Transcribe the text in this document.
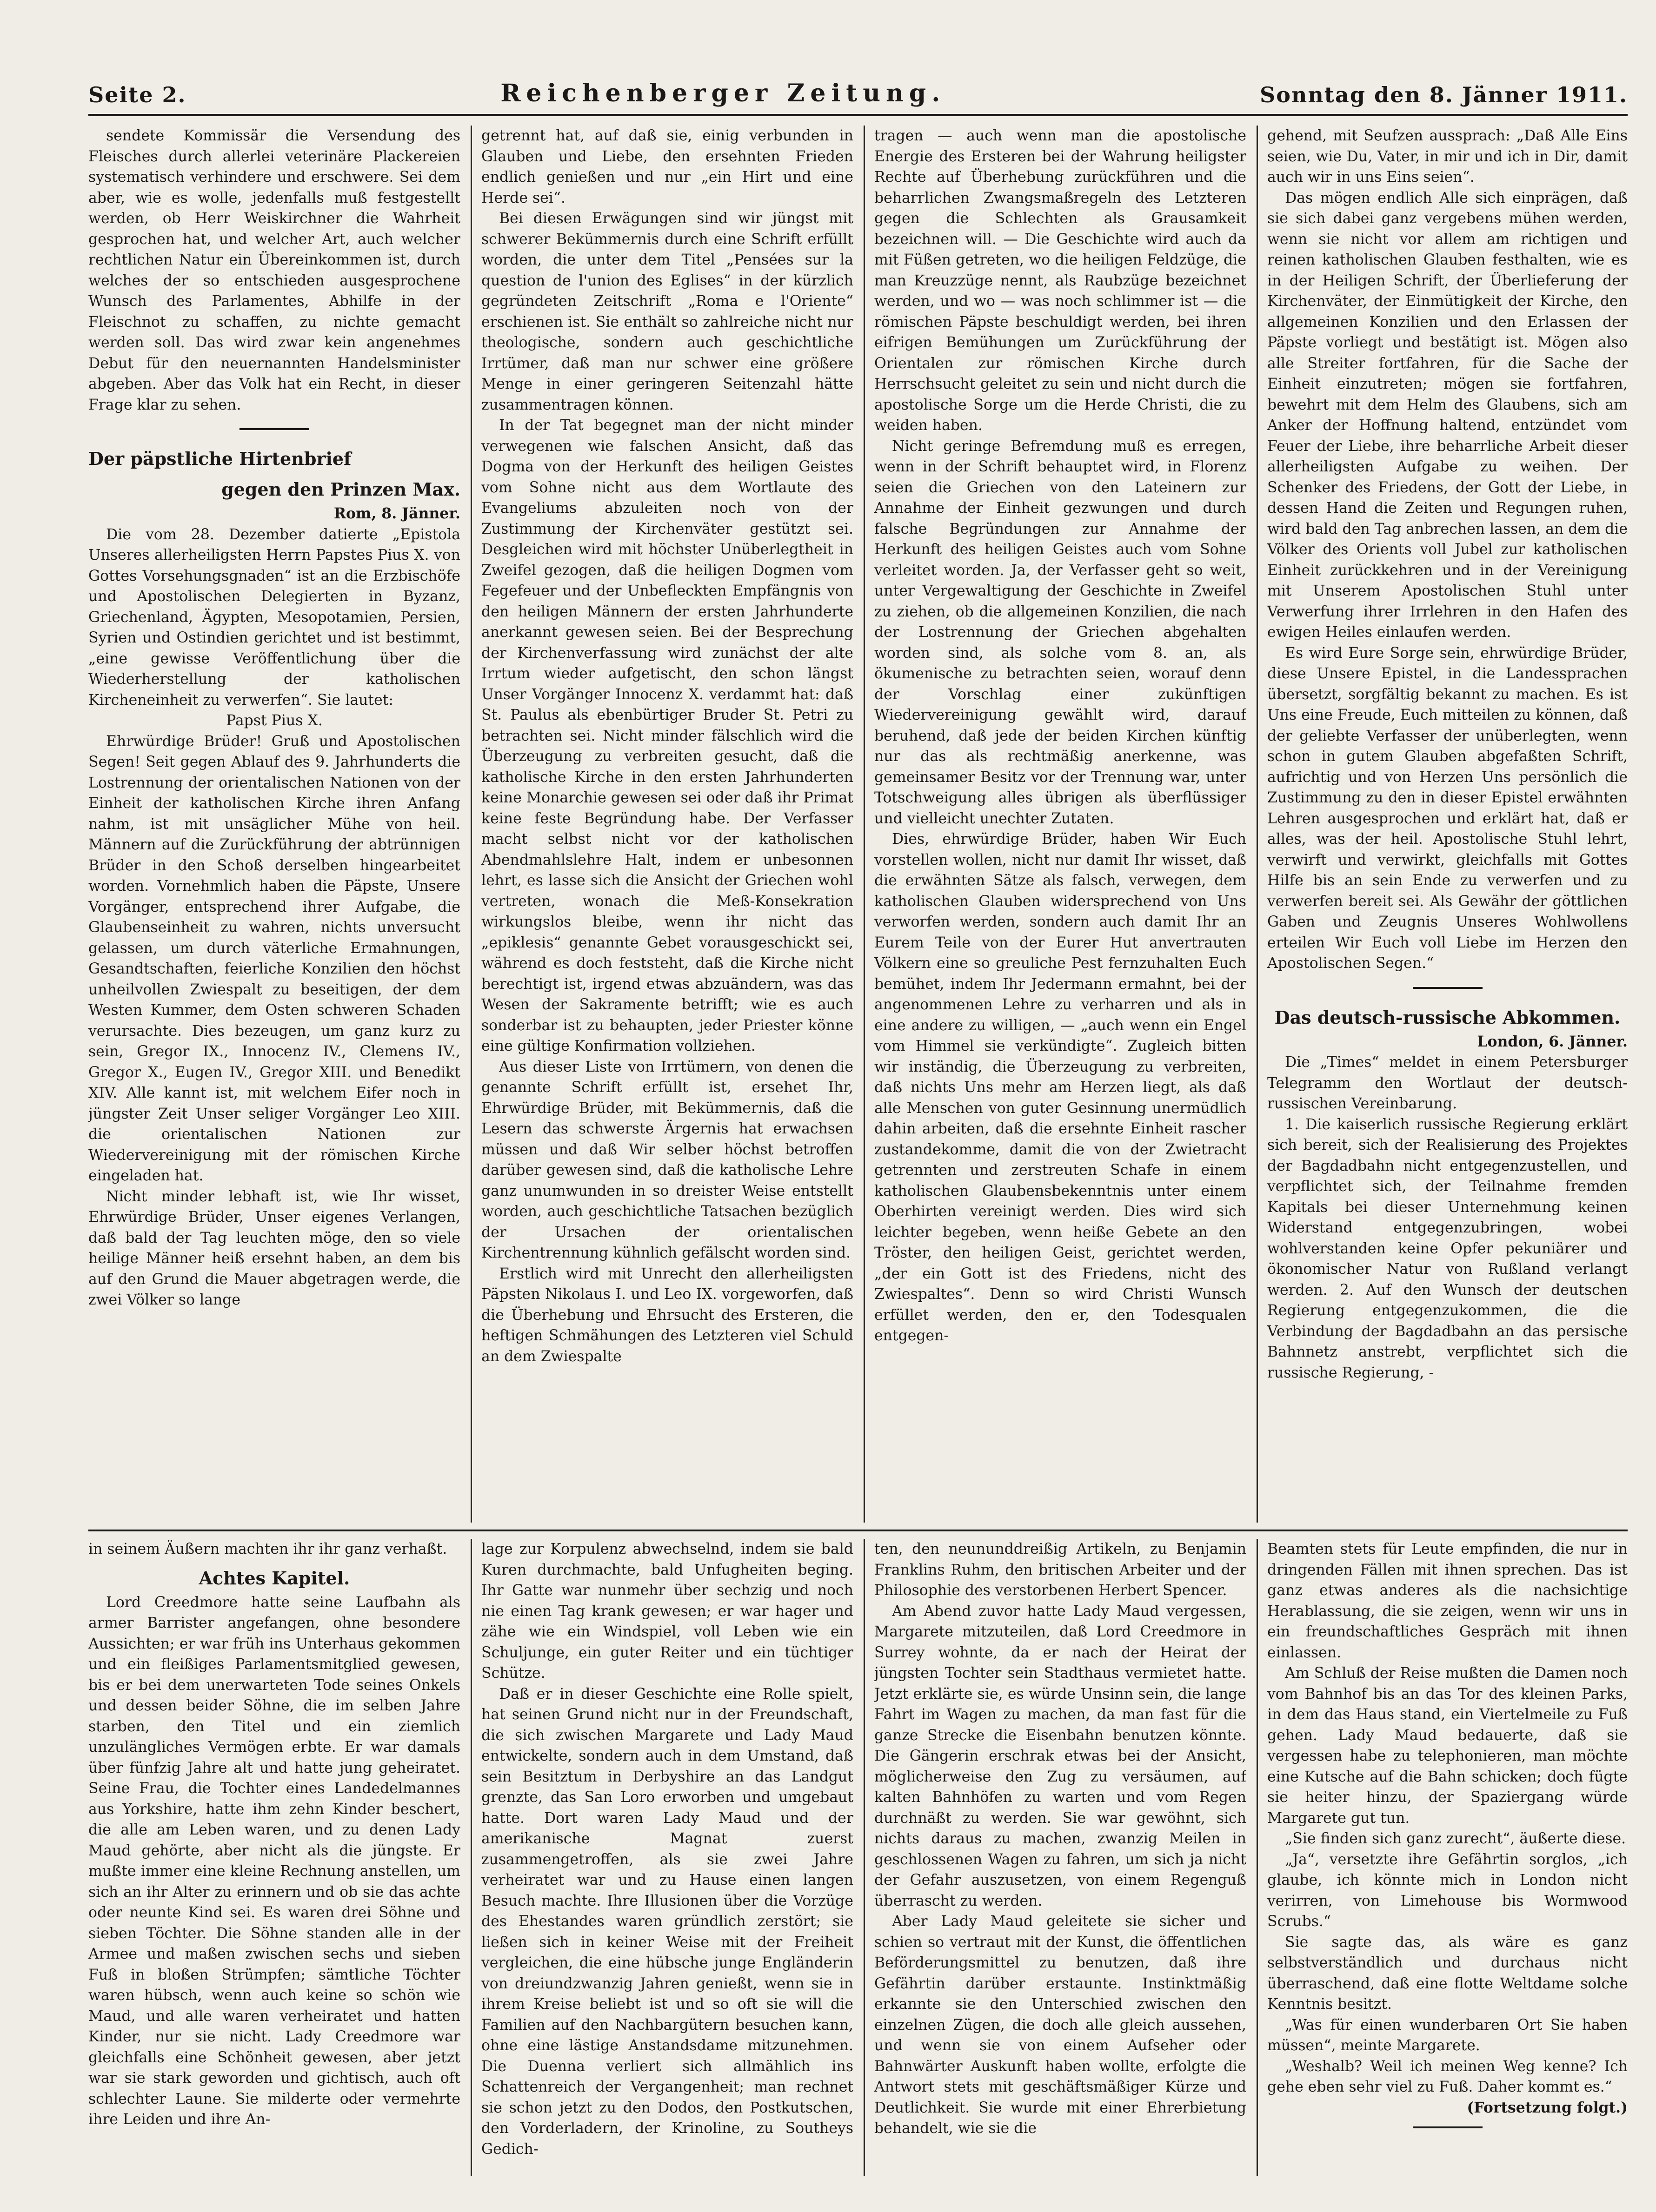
Seite 2.	Reichenberger Zeitung.	Sonntag den 8. Jänner 1911.

sendete Kommissär die Versendung des Fleisches durch allerlei veterinäre Plackereien systematisch verhindere und erschwere. Sei dem aber, wie es wolle, jedenfalls muß festgestellt werden, ob Herr Weiskirchner die Wahrheit gesprochen hat, und welcher Art, auch welcher rechtlichen Natur ein Übereinkommen ist, durch welches der so entschieden ausgesprochene Wunsch des Parlamentes, Abhilfe in der Fleischnot zu schaffen, zu nichte gemacht werden soll. Das wird zwar kein angenehmes Debut für den neuernannten Handelsminister abgeben. Aber das Volk hat ein Recht, in dieser Frage klar zu sehen.

Der päpstliche Hirtenbrief
gegen den Prinzen Max.
Rom, 8. Jänner.

Die vom 28. Dezember datierte „Epistola Unseres allerheiligsten Herrn Papstes Pius X. von Gottes Vorsehungsgnaden“ ist an die Erzbischöfe und Apostolischen Delegierten in Byzanz, Griechenland, Ägypten, Mesopotamien, Persien, Syrien und Ostindien gerichtet und ist bestimmt, „eine gewisse Veröffentlichung über die Wiederherstellung der katholischen Kircheneinheit zu verwerfen“. Sie lautet:

Papst Pius X.

Ehrwürdige Brüder! Gruß und Apostolischen Segen! Seit gegen Ablauf des 9. Jahrhunderts die Lostrennung der orientalischen Nationen von der Einheit der katholischen Kirche ihren Anfang nahm, ist mit unsäglicher Mühe von heil. Männern auf die Zurückführung der abtrünnigen Brüder in den Schoß derselben hingearbeitet worden. Vornehmlich haben die Päpste, Unsere Vorgänger, entsprechend ihrer Aufgabe, die Glaubenseinheit zu wahren, nichts unversucht gelassen, um durch väterliche Ermahnungen, Gesandtschaften, feierliche Konzilien den höchst unheilvollen Zwiespalt zu beseitigen, der dem Westen Kummer, dem Osten schweren Schaden verursachte. Dies bezeugen, um ganz kurz zu sein, Gregor IX., Innocenz IV., Clemens IV., Gregor X., Eugen IV., Gregor XIII. und Benedikt XIV. Alle kannt ist, mit welchem Eifer noch in jüngster Zeit Unser seliger Vorgänger Leo XIII. die orientalischen Nationen zur Wiedervereinigung mit der römischen Kirche eingeladen hat.

Nicht minder lebhaft ist, wie Ihr wisset, Ehrwürdige Brüder, Unser eigenes Verlangen, daß bald der Tag leuchten möge, den so viele heilige Männer heiß ersehnt haben, an dem bis auf den Grund die Mauer abgetragen werde, die zwei Völker so lange

getrennt hat, auf daß sie, einig verbunden in Glauben und Liebe, den ersehnten Frieden endlich genießen und nur „ein Hirt und eine Herde sei“.

Bei diesen Erwägungen sind wir jüngst mit schwerer Bekümmernis durch eine Schrift erfüllt worden, die unter dem Titel „Pensées sur la question de l'union des Eglises“ in der kürzlich gegründeten Zeitschrift „Roma e l'Oriente“ erschienen ist. Sie enthält so zahlreiche nicht nur theologische, sondern auch geschichtliche Irrtümer, daß man nur schwer eine größere Menge in einer geringeren Seitenzahl hätte zusammentragen können.

In der Tat begegnet man der nicht minder verwegenen wie falschen Ansicht, daß das Dogma von der Herkunft des heiligen Geistes vom Sohne nicht aus dem Wortlaute des Evangeliums abzuleiten noch von der Zustimmung der Kirchenväter gestützt sei. Desgleichen wird mit höchster Unüberlegtheit in Zweifel gezogen, daß die heiligen Dogmen vom Fegefeuer und der Unbefleckten Empfängnis von den heiligen Männern der ersten Jahrhunderte anerkannt gewesen seien. Bei der Besprechung der Kirchenverfassung wird zunächst der alte Irrtum wieder aufgetischt, den schon längst Unser Vorgänger Innocenz X. verdammt hat: daß St. Paulus als ebenbürtiger Bruder St. Petri zu betrachten sei. Nicht minder fälschlich wird die Überzeugung zu verbreiten gesucht, daß die katholische Kirche in den ersten Jahrhunderten keine Monarchie gewesen sei oder daß ihr Primat keine feste Begründung habe. Der Verfasser macht selbst nicht vor der katholischen Abendmahlslehre Halt, indem er unbesonnen lehrt, es lasse sich die Ansicht der Griechen wohl vertreten, wonach die Meß-Konsekration wirkungslos bleibe, wenn ihr nicht das „epiklesis“ genannte Gebet vorausgeschickt sei, während es doch feststeht, daß die Kirche nicht berechtigt ist, irgend etwas abzuändern, was das Wesen der Sakramente betrifft; wie es auch sonderbar ist zu behaupten, jeder Priester könne eine gültige Konfirmation vollziehen.

Aus dieser Liste von Irrtümern, von denen die genannte Schrift erfüllt ist, ersehet Ihr, Ehrwürdige Brüder, mit Bekümmernis, daß die Lesern das schwerste Ärgernis hat erwachsen müssen und daß Wir selber höchst betroffen darüber gewesen sind, daß die katholische Lehre ganz unumwunden in so dreister Weise entstellt worden, auch geschichtliche Tatsachen bezüglich der Ursachen der orientalischen Kirchentrennung kühnlich gefälscht worden sind.

Erstlich wird mit Unrecht den allerheiligsten Päpsten Nikolaus I. und Leo IX. vorgeworfen, daß die Überhebung und Ehrsucht des Ersteren, die heftigen Schmähungen des Letzteren viel Schuld an dem Zwiespalte

tragen — auch wenn man die apostolische Energie des Ersteren bei der Wahrung heiligster Rechte auf Überhebung zurückführen und die beharrlichen Zwangsmaßregeln des Letzteren gegen die Schlechten als Grausamkeit bezeichnen will. — Die Geschichte wird auch da mit Füßen getreten, wo die heiligen Feldzüge, die man Kreuzzüge nennt, als Raubzüge bezeichnet werden, und wo — was noch schlimmer ist — die römischen Päpste beschuldigt werden, bei ihren eifrigen Bemühungen um Zurückführung der Orientalen zur römischen Kirche durch Herrschsucht geleitet zu sein und nicht durch die apostolische Sorge um die Herde Christi, die zu weiden haben.

Nicht geringe Befremdung muß es erregen, wenn in der Schrift behauptet wird, in Florenz seien die Griechen von den Lateinern zur Annahme der Einheit gezwungen und durch falsche Begründungen zur Annahme der Herkunft des heiligen Geistes auch vom Sohne verleitet worden. Ja, der Verfasser geht so weit, unter Vergewaltigung der Geschichte in Zweifel zu ziehen, ob die allgemeinen Konzilien, die nach der Lostrennung der Griechen abgehalten worden sind, als solche vom 8. an, als ökumenische zu betrachten seien, worauf denn der Vorschlag einer zukünftigen Wiedervereinigung gewählt wird, darauf beruhend, daß jede der beiden Kirchen künftig nur das als rechtmäßig anerkenne, was gemeinsamer Besitz vor der Trennung war, unter Totschweigung alles übrigen als überflüssiger und vielleicht unechter Zutaten.

Dies, ehrwürdige Brüder, haben Wir Euch vorstellen wollen, nicht nur damit Ihr wisset, daß die erwähnten Sätze als falsch, verwegen, dem katholischen Glauben widersprechend von Uns verworfen werden, sondern auch damit Ihr an Eurem Teile von der Eurer Hut anvertrauten Völkern eine so greuliche Pest fernzuhalten Euch bemühet, indem Ihr Jedermann ermahnt, bei der angenommenen Lehre zu verharren und als in eine andere zu willigen, — „auch wenn ein Engel vom Himmel sie verkündigte“. Zugleich bitten wir inständig, die Überzeugung zu verbreiten, daß nichts Uns mehr am Herzen liegt, als daß alle Menschen von guter Gesinnung unermüdlich dahin arbeiten, daß die ersehnte Einheit rascher zustandekomme, damit die von der Zwietracht getrennten und zerstreuten Schafe in einem katholischen Glaubensbekenntnis unter einem Oberhirten vereinigt werden. Dies wird sich leichter begeben, wenn heiße Gebete an den Tröster, den heiligen Geist, gerichtet werden, „der ein Gott ist des Friedens, nicht des Zwiespaltes“. Denn so wird Christi Wunsch erfüllet werden, den er, den Todesqualen entgegen-

gehend, mit Seufzen aussprach: „Daß Alle Eins seien, wie Du, Vater, in mir und ich in Dir, damit auch wir in uns Eins seien“.

Das mögen endlich Alle sich einprägen, daß sie sich dabei ganz vergebens mühen werden, wenn sie nicht vor allem am richtigen und reinen katholischen Glauben festhalten, wie es in der Heiligen Schrift, der Überlieferung der Kirchenväter, der Einmütigkeit der Kirche, den allgemeinen Konzilien und den Erlassen der Päpste vorliegt und bestätigt ist. Mögen also alle Streiter fortfahren, für die Sache der Einheit einzutreten; mögen sie fortfahren, bewehrt mit dem Helm des Glaubens, sich am Anker der Hoffnung haltend, entzündet vom Feuer der Liebe, ihre beharrliche Arbeit dieser allerheiligsten Aufgabe zu weihen. Der Schenker des Friedens, der Gott der Liebe, in dessen Hand die Zeiten und Regungen ruhen, wird bald den Tag anbrechen lassen, an dem die Völker des Orients voll Jubel zur katholischen Einheit zurückkehren und in der Vereinigung mit Unserem Apostolischen Stuhl unter Verwerfung ihrer Irrlehren in den Hafen des ewigen Heiles einlaufen werden.

Es wird Eure Sorge sein, ehrwürdige Brüder, diese Unsere Epistel, in die Landessprachen übersetzt, sorgfältig bekannt zu machen. Es ist Uns eine Freude, Euch mitteilen zu können, daß der geliebte Verfasser der unüberlegten, wenn schon in gutem Glauben abgefaßten Schrift, aufrichtig und von Herzen Uns persönlich die Zustimmung zu den in dieser Epistel erwähnten Lehren ausgesprochen und erklärt hat, daß er alles, was der heil. Apostolische Stuhl lehrt, verwirft und verwirkt, gleichfalls mit Gottes Hilfe bis an sein Ende zu verwerfen und zu verwerfen bereit sei. Als Gewähr der göttlichen Gaben und Zeugnis Unseres Wohlwollens erteilen Wir Euch voll Liebe im Herzen den Apostolischen Segen.“

Das deutsch-russische Abkommen.
London, 6. Jänner.

Die „Times“ meldet in einem Petersburger Telegramm den Wortlaut der deutsch-russischen Vereinbarung.

1. Die kaiserlich russische Regierung erklärt sich bereit, sich der Realisierung des Projektes der Bagdadbahn nicht entgegenzustellen, und verpflichtet sich, der Teilnahme fremden Kapitals bei dieser Unternehmung keinen Widerstand entgegenzubringen, wobei wohlverstanden keine Opfer pekuniärer und ökonomischer Natur von Rußland verlangt werden. 2. Auf den Wunsch der deutschen Regierung entgegenzukommen, die die Verbindung der Bagdadbahn an das persische Bahnnetz anstrebt, verpflichtet sich die russische Regierung, -

in seinem Äußern machten ihr ihr ganz verhaßt.

Achtes Kapitel.

Lord Creedmore hatte seine Laufbahn als armer Barrister angefangen, ohne besondere Aussichten; er war früh ins Unterhaus gekommen und ein fleißiges Parlamentsmitglied gewesen, bis er bei dem unerwarteten Tode seines Onkels und dessen beider Söhne, die im selben Jahre starben, den Titel und ein ziemlich unzulängliches Vermögen erbte. Er war damals über fünfzig Jahre alt und hatte jung geheiratet. Seine Frau, die Tochter eines Landedelmannes aus Yorkshire, hatte ihm zehn Kinder beschert, die alle am Leben waren, und zu denen Lady Maud gehörte, aber nicht als die jüngste. Er mußte immer eine kleine Rechnung anstellen, um sich an ihr Alter zu erinnern und ob sie das achte oder neunte Kind sei. Es waren drei Söhne und sieben Töchter. Die Söhne standen alle in der Armee und maßen zwischen sechs und sieben Fuß in bloßen Strümpfen; sämtliche Töchter waren hübsch, wenn auch keine so schön wie Maud, und alle waren verheiratet und hatten Kinder, nur sie nicht. Lady Creedmore war gleichfalls eine Schönheit gewesen, aber jetzt war sie stark geworden und gichtisch, auch oft schlechter Laune. Sie milderte oder vermehrte ihre Leiden und ihre An-

lage zur Korpulenz abwechselnd, indem sie bald Kuren durchmachte, bald Unfugheiten beging. Ihr Gatte war nunmehr über sechzig und noch nie einen Tag krank gewesen; er war hager und zähe wie ein Windspiel, voll Leben wie ein Schuljunge, ein guter Reiter und ein tüchtiger Schütze.

Daß er in dieser Geschichte eine Rolle spielt, hat seinen Grund nicht nur in der Freundschaft, die sich zwischen Margarete und Lady Maud entwickelte, sondern auch in dem Umstand, daß sein Besitztum in Derbyshire an das Landgut grenzte, das San Loro erworben und umgebaut hatte. Dort waren Lady Maud und der amerikanische Magnat zuerst zusammengetroffen, als sie zwei Jahre verheiratet war und zu Hause einen langen Besuch machte. Ihre Illusionen über die Vorzüge des Ehestandes waren gründlich zerstört; sie ließen sich in keiner Weise mit der Freiheit vergleichen, die eine hübsche junge Engländerin von dreiundzwanzig Jahren genießt, wenn sie in ihrem Kreise beliebt ist und so oft sie will die Familien auf den Nachbargütern besuchen kann, ohne eine lästige Anstandsdame mitzunehmen. Die Duenna verliert sich allmählich ins Schattenreich der Vergangenheit; man rechnet sie schon jetzt zu den Dodos, den Postkutschen, den Vorderladern, der Krinoline, zu Southeys Gedich-

ten, den neununddreißig Artikeln, zu Benjamin Franklins Ruhm, den britischen Arbeiter und der Philosophie des verstorbenen Herbert Spencer.

Am Abend zuvor hatte Lady Maud vergessen, Margarete mitzuteilen, daß Lord Creedmore in Surrey wohnte, da er nach der Heirat der jüngsten Tochter sein Stadthaus vermietet hatte. Jetzt erklärte sie, es würde Unsinn sein, die lange Fahrt im Wagen zu machen, da man fast für die ganze Strecke die Eisenbahn benutzen könnte. Die Gängerin erschrak etwas bei der Ansicht, möglicherweise den Zug zu versäumen, auf kalten Bahnhöfen zu warten und vom Regen durchnäßt zu werden. Sie war gewöhnt, sich nichts daraus zu machen, zwanzig Meilen in geschlossenen Wagen zu fahren, um sich ja nicht der Gefahr auszusetzen, von einem Regenguß überrascht zu werden.

Aber Lady Maud geleitete sie sicher und schien so vertraut mit der Kunst, die öffentlichen Beförderungsmittel zu benutzen, daß ihre Gefährtin darüber erstaunte. Instinktmäßig erkannte sie den Unterschied zwischen den einzelnen Zügen, die doch alle gleich aussehen, und wenn sie von einem Aufseher oder Bahnwärter Auskunft haben wollte, erfolgte die Antwort stets mit geschäftsmäßiger Kürze und Deutlichkeit. Sie wurde mit einer Ehrerbietung behandelt, wie sie die

Beamten stets für Leute empfinden, die nur in dringenden Fällen mit ihnen sprechen. Das ist ganz etwas anderes als die nachsichtige Herablassung, die sie zeigen, wenn wir uns in ein freundschaftliches Gespräch mit ihnen einlassen.

Am Schluß der Reise mußten die Damen noch vom Bahnhof bis an das Tor des kleinen Parks, in dem das Haus stand, ein Viertelmeile zu Fuß gehen. Lady Maud bedauerte, daß sie vergessen habe zu telephonieren, man möchte eine Kutsche auf die Bahn schicken; doch fügte sie heiter hinzu, der Spaziergang würde Margarete gut tun.

„Sie finden sich ganz zurecht“, äußerte diese.

„Ja“, versetzte ihre Gefährtin sorglos, „ich glaube, ich könnte mich in London nicht verirren, von Limehouse bis Wormwood Scrubs.“

Sie sagte das, als wäre es ganz selbstverständlich und durchaus nicht überraschend, daß eine flotte Weltdame solche Kenntnis besitzt.

„Was für einen wunderbaren Ort Sie haben müssen“, meinte Margarete.

„Weshalb? Weil ich meinen Weg kenne? Ich gehe eben sehr viel zu Fuß. Daher kommt es.“

(Fortsetzung folgt.)
